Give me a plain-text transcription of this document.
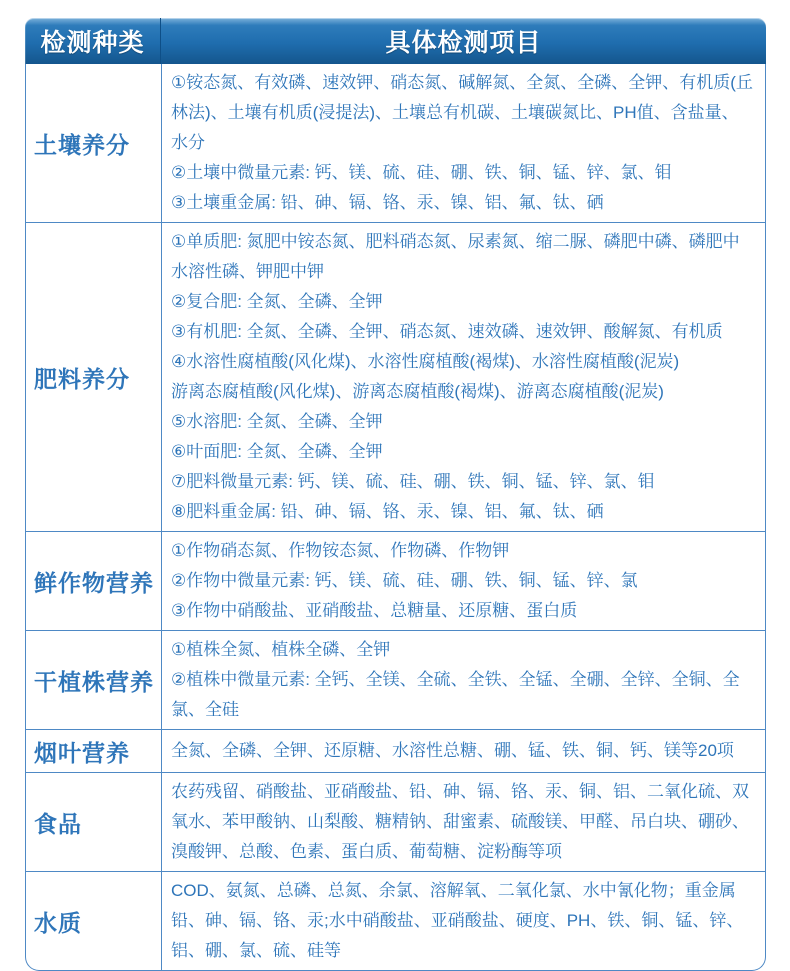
检测种类	具体检测项目
土壤养分

①铵态氮、有效磷、速效钾、硝态氮、碱解氮、全氮、全磷、全钾、有机质(丘林法)、土壤有机质(浸提法)、土壤总有机碳、土壤碳氮比、PH值、含盐量、水分

②土壤中微量元素: 钙、镁、硫、硅、硼、铁、铜、锰、锌、氯、钼

③土壤重金属: 铅、砷、镉、铬、汞、镍、铝、氟、钛、硒

肥料养分

①单质肥: 氮肥中铵态氮、肥料硝态氮、尿素氮、缩二脲、磷肥中磷、磷肥中水溶性磷、钾肥中钾

②复合肥: 全氮、全磷、全钾

③有机肥: 全氮、全磷、全钾、硝态氮、速效磷、速效钾、酸解氮、有机质

④水溶性腐植酸(风化煤)、水溶性腐植酸(褐煤)、水溶性腐植酸(泥炭)

游离态腐植酸(风化煤)、游离态腐植酸(褐煤)、游离态腐植酸(泥炭)

⑤水溶肥: 全氮、全磷、全钾

⑥叶面肥: 全氮、全磷、全钾

⑦肥料微量元素: 钙、镁、硫、硅、硼、铁、铜、锰、锌、氯、钼

⑧肥料重金属: 铅、砷、镉、铬、汞、镍、铝、氟、钛、硒

鲜作物营养

①作物硝态氮、作物铵态氮、作物磷、作物钾

②作物中微量元素: 钙、镁、硫、硅、硼、铁、铜、锰、锌、氯

③作物中硝酸盐、亚硝酸盐、总糖量、还原糖、蛋白质

干植株营养

①植株全氮、植株全磷、全钾

②植株中微量元素: 全钙、全镁、全硫、全铁、全锰、全硼、全锌、全铜、全氯、全硅

烟叶营养	全氮、全磷、全钾、还原糖、水溶性总糖、硼、锰、铁、铜、钙、镁等20项

食品

农药残留、硝酸盐、亚硝酸盐、铅、砷、镉、铬、汞、铜、铝、二氧化硫、双氧水、苯甲酸钠、山梨酸、糖精钠、甜蜜素、硫酸镁、甲醛、吊白块、硼砂、溴酸钾、总酸、色素、蛋白质、葡萄糖、淀粉酶等项

水质

COD、氨氮、总磷、总氮、余氯、溶解氧、二氧化氯、水中氰化物；重金属铅、砷、镉、铬、汞;水中硝酸盐、亚硝酸盐、硬度、PH、铁、铜、锰、锌、铝、硼、氯、硫、硅等
